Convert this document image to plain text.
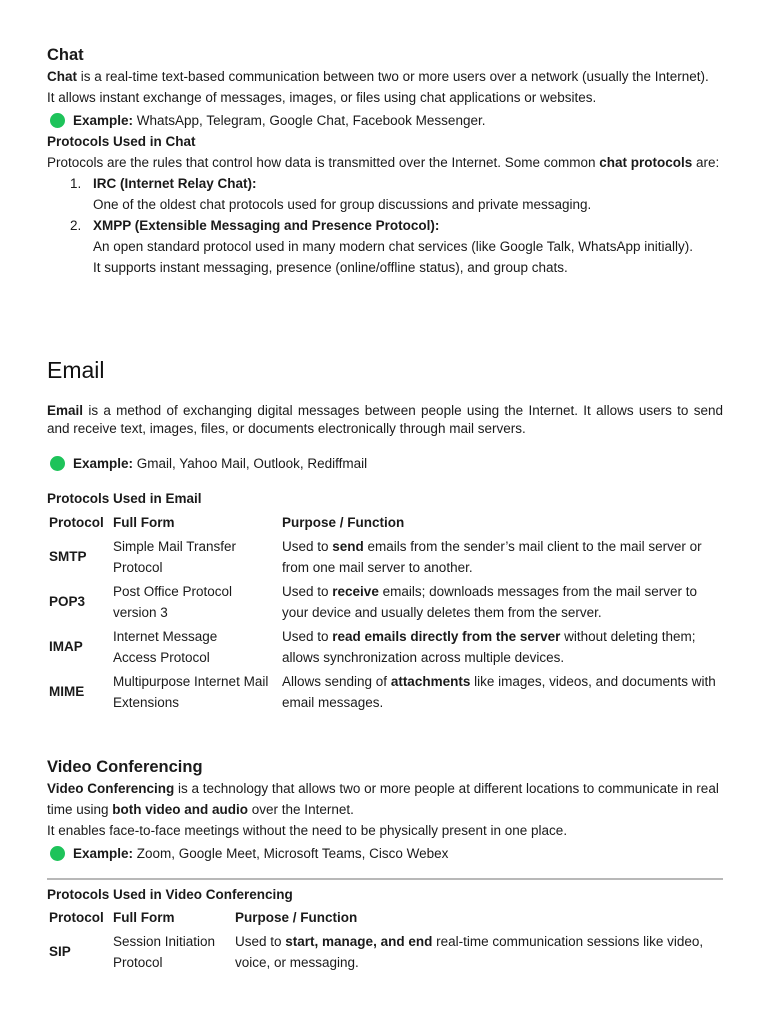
Chat

Chat is a real-time text-based communication between two or more users over a network (usually the Internet).

It allows instant exchange of messages, images, or files using chat applications or websites.

Example: WhatsApp, Telegram, Google Chat, Facebook Messenger.

Protocols Used in Chat

Protocols are the rules that control how data is transmitted over the Internet. Some common chat protocols are:

1. IRC (Internet Relay Chat):

One of the oldest chat protocols used for group discussions and private messaging.

2. XMPP (Extensible Messaging and Presence Protocol):

An open standard protocol used in many modern chat services (like Google Talk, WhatsApp initially).

It supports instant messaging, presence (online/offline status), and group chats.

Email

Email is a method of exchanging digital messages between people using the Internet. It allows users to send and receive text, images, files, or documents electronically through mail servers.

Example: Gmail, Yahoo Mail, Outlook, Rediffmail

Protocols Used in Email

Protocol	Full Form	Purpose / Function
SMTP	Simple Mail Transfer Protocol	Used to send emails from the sender’s mail client to the mail server or from one mail server to another.
POP3	Post Office Protocol version 3	Used to receive emails; downloads messages from the mail server to your device and usually deletes them from the server.
IMAP	Internet Message Access Protocol	Used to read emails directly from the server without deleting them; allows synchronization across multiple devices.
MIME	Multipurpose Internet Mail Extensions	Allows sending of attachments like images, videos, and documents with email messages.
Video Conferencing

Video Conferencing is a technology that allows two or more people at different locations to communicate in real time using both video and audio over the Internet.

It enables face-to-face meetings without the need to be physically present in one place.

Example: Zoom, Google Meet, Microsoft Teams, Cisco Webex

Protocols Used in Video Conferencing

Protocol	Full Form	Purpose / Function
SIP	Session Initiation Protocol	Used to start, manage, and end real-time communication sessions like video, voice, or messaging.
